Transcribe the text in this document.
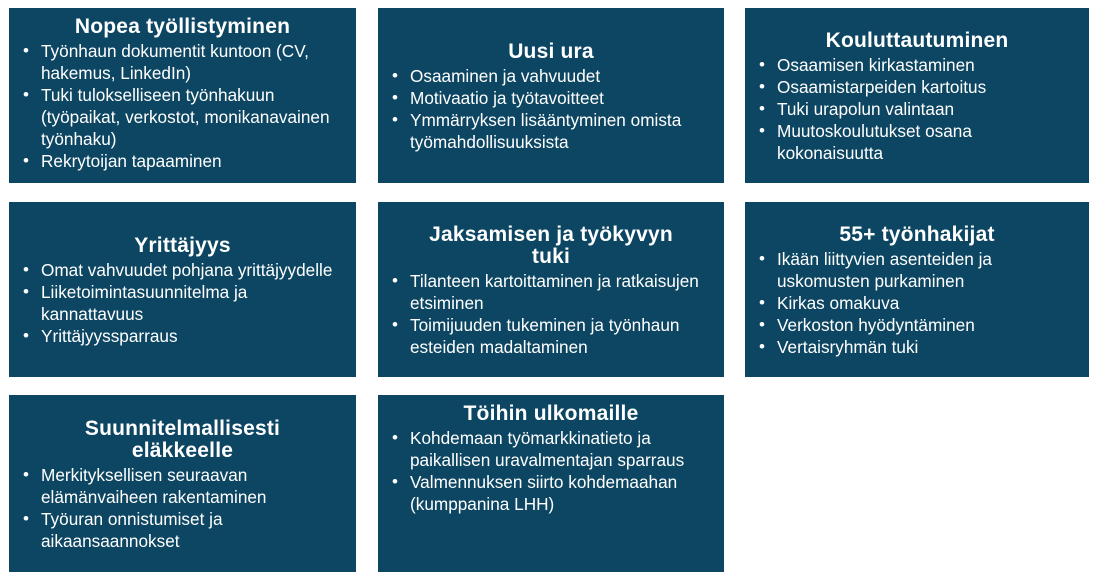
Nopea työllistyminen
• Työnhaun dokumentit kuntoon (CV, hakemus, LinkedIn)
• Tuki tulokselliseen työnhakuun (työpaikat, verkostot, monikanavainen työnhaku)
• Rekrytoijan tapaaminen
Uusi ura
• Osaaminen ja vahvuudet
• Motivaatio ja työtavoitteet
• Ymmärryksen lisääntyminen omista työmahdollisuuksista
Kouluttautuminen
• Osaamisen kirkastaminen
• Osaamistarpeiden kartoitus
• Tuki urapolun valintaan
• Muutoskoulutukset osana kokonaisuutta
Yrittäjyys
• Omat vahvuudet pohjana yrittäjyydelle
• Liiketoimintasuunnitelma ja kannattavuus
• Yrittäjyyssparraus
Jaksamisen ja työkyvyn tuki
• Tilanteen kartoittaminen ja ratkaisujen etsiminen
• Toimijuuden tukeminen ja työnhaun esteiden madaltaminen
55+ työnhakijat
• Ikään liittyvien asenteiden ja uskomusten purkaminen
• Kirkas omakuva
• Verkoston hyödyntäminen
• Vertaisryhmän tuki
Suunnitelmallisesti eläkkeelle
• Merkityksellisen seuraavan elämänvaiheen rakentaminen
• Työuran onnistumiset ja aikaansaannokset
Töihin ulkomaille
• Kohdemaan työmarkkinatieto ja paikallisen uravalmentajan sparraus
• Valmennuksen siirto kohdemaahan (kumppanina LHH)
